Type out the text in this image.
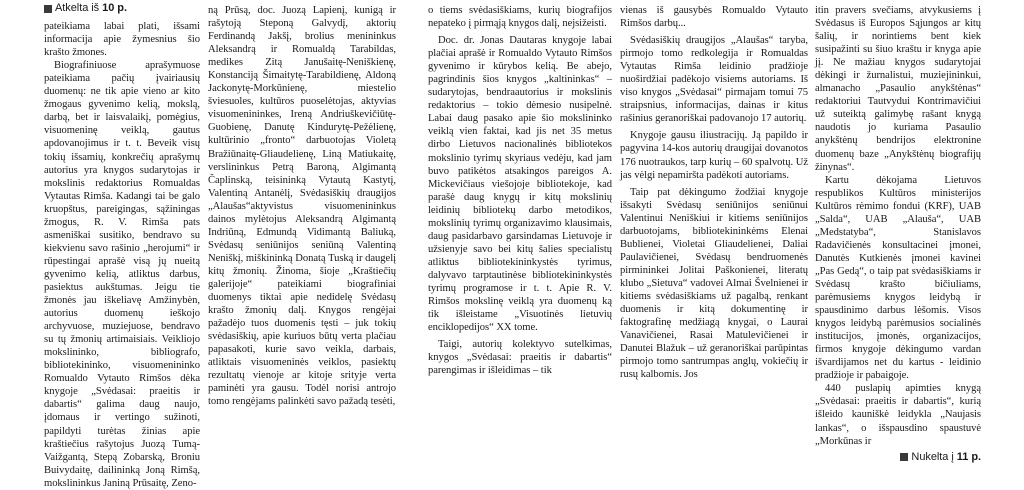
Atkelta iš 10 p.

pateikiama labai plati, išsami informacija apie žymesnius šio krašto žmones.

Biografiniuose aprašymuose pateikiama pačių įvairiausių duomenų: ne tik apie vieno ar kito žmogaus gyvenimo kelią, mokslą, darbą, bet ir laisvalaikį, pomėgius, visuomeninę veiklą, gautus apdovanojimus ir t. t. Beveik visų tokių išsamių, konkrečių aprašymų autorius yra knygos sudarytojas ir mokslinis redaktorius Romualdas Vytautas Rimša. Kadangi tai be galo kruopštus, pareigingas, sąžiningas žmogus, R. V. Rimša pats asmeniškai susitiko, bendravo su kiekvienu savo rašinio „herojumi“ ir rūpestingai aprašė visą jų nueitą gyvenimo kelią, atliktus darbus, pasiektus aukštumas. Jeigu tie žmonės jau iškeliavę Amžinybėn, autorius duomenų ieškojo archyvuose, muziejuose, bendravo su tų žmonių artimaisiais. Veikliojo mokslininko, bibliografo, bibliotekininko, visuomenininko Romualdo Vytauto Rimšos dėka knygoje „Svėdasai: praeitis ir dabartis“ galima daug naujo, įdomaus ir vertingo sužinoti, papildyti turėtas žinias apie kraštiečius rašytojus Juozą Tumą-Vaižgantą, Stepą Zobarską, Broniu Buivydaitę, dailininką Joną Rimšą, mokslininkus Janiną Prūsaitę, Zeno-

ną Prūsą, doc. Juozą Lapienį, kunigą ir rašytoją Steponą Galvydį, aktorių Ferdinandą Jakšį, brolius menininkus Aleksandrą ir Romualdą Tarabildas, medikes Zitą Janušaitę-Neniškienę, Konstanciją Šimaitytę-Tarabildienę, Aldoną Jackonytę-Morkūnienę, miestelio šviesuoles, kultūros puoselėtojas, aktyvias visuomenininkes, Ireną Andriuškevičiūtę-Guobienę, Danutę Kindurytę-Pežėlienę, kultūrinio „fronto“ darbuotojas Violetą Bražiūnaitę-Gliaudelienę, Liną Matiukaitę, verslininkus Petrą Baroną, Algimantą Čaplinską, teisininką Vytautą Kastytį, Valentiną Antanėlį, Svėdasiškių draugijos „Alaušas“aktyvistus visuomenininkus dainos mylėtojus Aleksandrą Algimantą Indriūną, Edmundą Vidimantą Baliuką, Svėdasų seniūnijos seniūną Valentiną Neniškį, miškininką Donatą Tuską ir daugelį kitų žmonių. Žinoma, šioje „Kraštiečių galerijoje“ pateikiami biografiniai duomenys tiktai apie nedidelę Svėdasų krašto žmonių dalį. Knygos rengėjai pažadėjo tuos duomenis tęsti – juk tokių svėdasiškių, apie kuriuos būtų verta plačiau papasakoti, kurie savo veikla, darbais, atliktais visuomeninės veiklos, pasiektų rezultatų vienoje ar kitoje srityje verta paminėti yra gausu. Todėl norisi antrojo tomo rengėjams palinkėti savo pažadą tesėti,

o tiems svėdasiškiams, kurių biografijos nepateko į pirmąją knygos dalį, nejsižeisti.

Doc. dr. Jonas Dautaras knygoje labai plačiai aprašė ir Romualdo Vytauto Rimšos gyvenimo ir kūrybos kelią. Be abejo, pagrindinis šios knygos „kaltininkas“ – sudarytojas, bendraautorius ir mokslinis redaktorius – tokio dėmesio nusipelnė. Labai daug pasako apie šio mokslininko veiklą vien faktai, kad jis net 35 metus dirbo Lietuvos nacionalinės bibliotekos mokslinio tyrimų skyriaus vedėju, kad jam buvo patikėtos atsakingos pareigos A. Mickevičiaus viešojoje bibliotekoje, kad parašė daug knygų ir kitų mokslinių leidinių bibliotekų darbo metodikos, mokslinių tyrimų organizavimo klausimais, daug pasidarbavo garsindamas Lietuvoje ir užsienyje savo bei kitų šalies specialistų atliktus bibliotekininkystės tyrimus, dalyvavo tarptautinėse bibliotekininkystės tyrimų programose ir t. t. Apie R. V. Rimšos mokslinę veiklą yra duomenų ką tik išleistame „Visuotinės lietuvių enciklopedijos“ XX tome.

Taigi, autorių kolektyvo sutelkimas, knygos „Svėdasai: praeitis ir dabartis“ parengimas ir išleidimas – tik

vienas iš gausybės Romualdo Vytauto Rimšos darbų...

Svėdasiškių draugijos „Alaušas“ taryba, pirmojo tomo redkolegija ir Romualdas Vytautas Rimša leidinio pradžioje nuoširdžiai padėkojo visiems autoriams. Iš viso knygos „Svėdasai“ pirmajam tomui 75 straipsnius, informacijas, dainas ir kitus rašinius geranoriškai padovanojo 17 autorių.

Knygoje gausu iliustracijų. Ją papildo ir pagyvina 14-kos autorių draugijai dovanotos 176 nuotraukos, tarp kurių – 60 spalvotų. Už jas vėlgi nepamiršta padėkoti autoriams.

Taip pat dėkingumo žodžiai knygoje išsakyti Svėdasų seniūnijos seniūnui Valentinui Neniškiui ir kitiems seniūnijos darbuotojams, bibliotekininkėms Elenai Bublienei, Violetai Gliaudelienei, Daliai Paulavičienei, Svėdasų bendruomenės pirmininkei Jolitai Paškonienei, literatų klubo „Sietuva“ vadovei Almai Švelnienei ir kitiems svėdasiškiams už pagalbą, renkant duomenis ir kitą dokumentinę ir faktografinę medžiagą knygai, o Laurai Vanavičienei, Rasai Matulevičienei ir Danutei Blažuk – už geranoriškai parūpintas pirmojo tomo santrumpas anglų, vokiečių ir rusų kalbomis. Jos

itin pravers svečiams, atvykusiems į Svėdasus iš Europos Sąjungos ar kitų šalių, ir norintiems bent kiek susipažinti su šiuo kraštu ir knyga apie jį. Ne mažiau knygos sudarytojai dėkingi ir žurnalistui, muziejininkui, almanacho „Pasaulio anykštėnas“ redaktoriui Tautvydui Kontrimavičiui už suteiktą galimybę rašant knygą naudotis jo kuriama Pasaulio anykštėnų bendrijos elektronine duomenų baze „Anykštėnų biografijų žinynas“.

Kartu dėkojama Lietuvos respublikos Kultūros ministerijos Kultūros rėmimo fondui (KRF), UAB „Salda“, UAB „Alauša“, UAB „Medstatyba“, Stanislavos Radavičienės konsultacinei įmonei, Danutės Kutkienės įmonei kavinei „Pas Gedą“, o taip pat svėdasiškiams ir Svėdasų krašto bičiuliams, parėmusiems knygos leidybą ir spausdinimo darbus lėšomis. Visos knygos leidybą parėmusios socialinės institucijos, įmonės, organizacijos, firmos knygoje dėkingumo vardan išvardijamos net du kartus - leidinio pradžioje ir pabaigoje.

440 puslapių apimties knygą „Svėdasai: praeitis ir dabartis“, kurią išleido kauniškė leidykla „Naujasis lankas“, o išspausdino spaustuvė „Morkūnas ir

Nukelta į 11 p.
